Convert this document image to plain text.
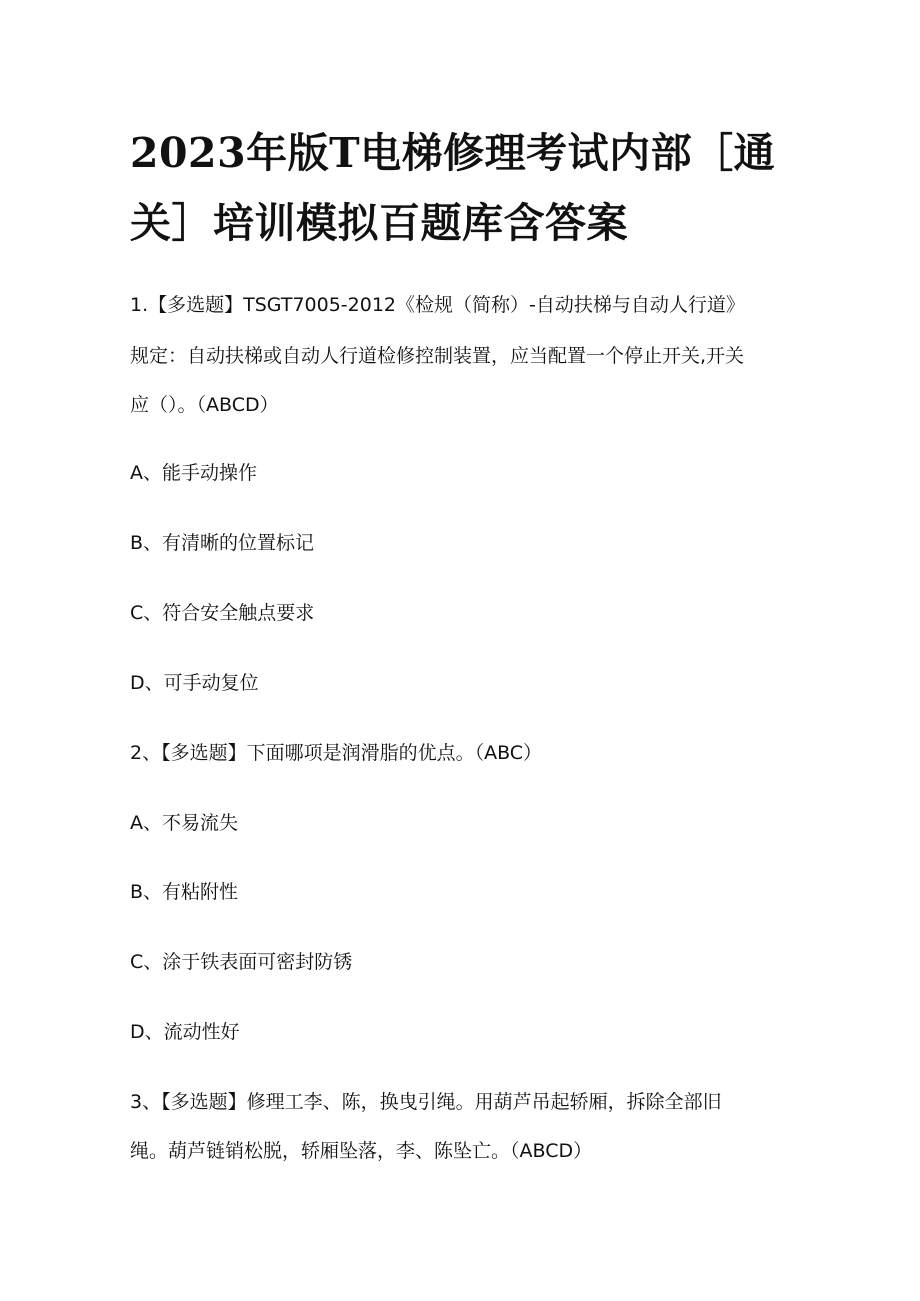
2023年版T电梯修理考试内部［通关］培训模拟百题库含答案

1.【多选题】TSGT7005-2012《检规（简称）-自动扶梯与自动人行道》

规定：自动扶梯或自动人行道检修控制装置，应当配置一个停止开关,开关

应（）。（ABCD）

A、能手动操作

B、有清晰的位置标记

C、符合安全触点要求

D、可手动复位

2、【多选题】下面哪项是润滑脂的优点。（ABC）

A、不易流失

B、有粘附性

C、涂于铁表面可密封防锈

D、流动性好

3、【多选题】修理工李、陈，换曳引绳。用葫芦吊起轿厢，拆除全部旧

绳。葫芦链销松脱，轿厢坠落，李、陈坠亡。（ABCD）
